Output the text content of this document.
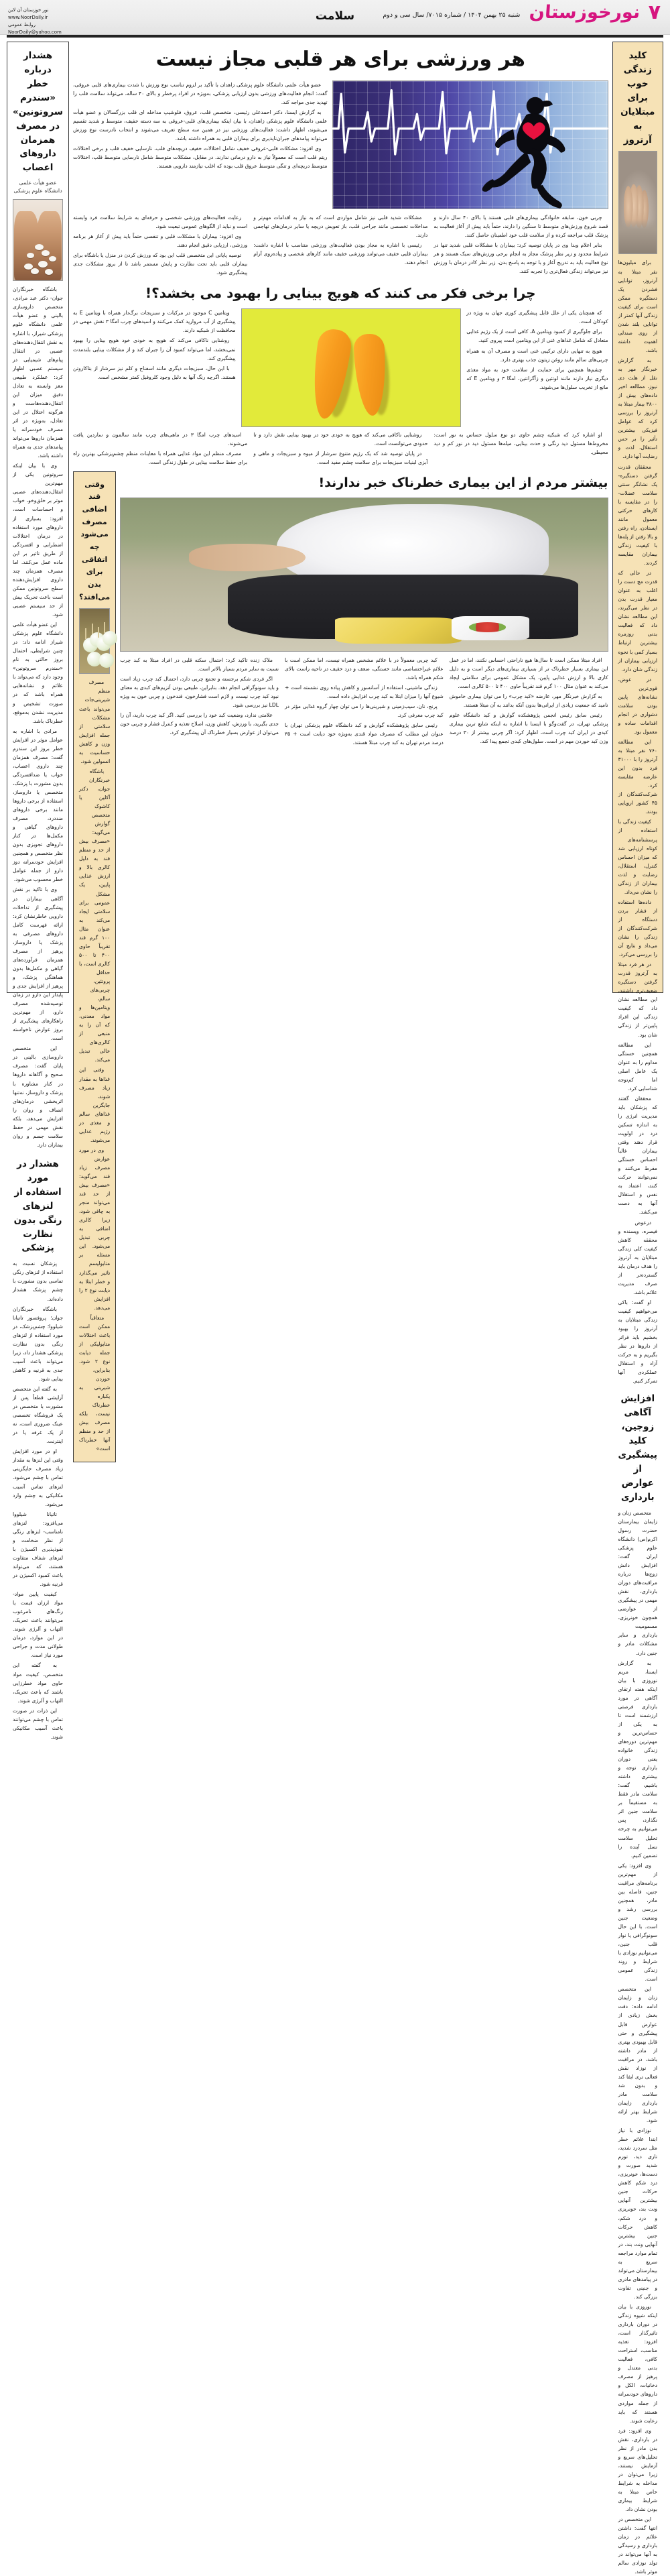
۷
نورخوزستان
شنبه ۲۵ بهمن ۱۴۰۴ / شماره ۷۰۱۵/ سال سی و دوم
سلامت
نور خوزستان آن لاین
www.NoorDaily.ir
روابط عمومی
NoorDaily@yahoo.com
کلید زندگی خوب برای مبتلایان به آرتروز

برای میلیون‌ها نفر مبتلا به آرتروز، توانایی فشردن یک دستگیره ممکن است برای کیفیت زندگی آنها کمتر از توانایی بلند شدن از روی صندلی اهمیت داشته باشد.

به گزارش خبرنگار مهر به نقل از هلث دی نیوز، مطالعه اخیر داده‌های بیش از ۳۸۰۰ بیمار مبتلا به آرتروز را بررسی کرد که عوامل فیزیکی بیشترین تأثیر را بر حس استقلال، لذت و رضایت آنها دارد.

محققان قدرت گرفتن دستگیره- یک نشانگر سنتی سلامت عضلات- را در مقایسه با کارهای حرکتی معمول مانند ایستادن، راه رفتن و بالا رفتن از پله‌ها با کیفیت زندگی بیماران مقایسه کردند.

در حالی که قدرت مچ دست را اغلب به عنوان معیار قدرت بدن در نظر می‌گیرند، این مطالعه نشان داد که فعالیت بدنی روزمره بیشترین ارتباط بسیار کمی با نحوه ارزیابی بیماران از زندگی شان دارد.

در عوض، قوی‌ترین نشانه‌های پایین بودن سلامت دشواری در انجام اقدامات ساده و معمول بود.

این مطالعه ۷۶۰ نفر مبتلا به آرتروز را با ۳۱۰۰۰ فرد بدون این عارضه مقایسه کرد. شرکت‌کنندگان از ۴۵ کشور اروپایی بودند.

کیفیت زندگی با استفاده از پرسشنامه‌های کوتاه ارزیابی شد که میزان احساس کنترل، استقلال، رضایت و لذت بیماران از زندگی را نشان می‌داد.

داده‌ها استفاده از فشار بردن دستگاه از شرکت‌کنندگان از زندگی را نشان می‌داد و نتایج آن را بررسی می‌کرد.

در هر فرد مبتلا به آرتروز قدرت گرفتن دستگیره ضعیف‌تری داشتند، این مطالعه نشان داد که کیفیت زندگی این افراد پایین‌تر از زندگی شان بود.

این مطالعه همچنین خستگی مداوم را به عنوان یک عامل اصلی اما کم‌توجه شناسایی کرد.

محققان گفتند که پزشکان باید مدیریت انرژی را به اندازه تسکین درد در اولویت قرار دهند وقتی بیماران غالباً احساس خستگی مفرط می‌کنند و نمی‌توانند حرکت کنند، اعتماد به نفس و استقلال آنها به دست می‌کشد.

درعوض فیصره، ویسنده و محققه کاهش کیفیت کلی زندگی مبتلایان به آرتروز را هدف درمان باید گسترده‌تر از صرف مدیریت علائم باشد.

او گفت: باکی می‌خواهیم کیفیت زندگی مبتلایان به آرتروز را بهبود بخشیم باید فراتر از داروها در نظر بگیریم و به حرکت آزاد و استقلال عملکردی آنها تمرکز کنیم.

افزایش آگاهی زوجین، کلید پیشگیری از عوارض بارداری

متخصص زنان و زایمان بیمارستان حضرت رسول اکرم(ص) دانشگاه علوم پزشکی ایران گفت: افزایش دانش زوج‌ها درباره مراقبت‌های دوران بارداری، نقش مهمی در پیشگیری از عوارضی همچون خونریزی، مسمومیت بارداری و سایر مشکلات مادر و جنین دارد.

به گزارش ایسنا، مریم نوروزی با بیان اینکه هفته ارتقای آگاهی در مورد بارداری فرصتی ارزشمند است تا به یکی از حساس‌ترین و مهم‌ترین دوره‌های زندگی خانواده یعنی دوران بارداری توجه و بیشتری داشته باشیم، گفت: سلامت مادر فقط به مستقیماً بر سلامت جنین اثر نگذارد، پس می‌توانیم به چرخه تحلیل سلامت نسل آینده را تضمین کنیم.

وی افزود: یکی از مهم‌ترین برنامه‌های مراقبت جنین، فاصله بین مادر، همچنین بررسی رشد و وضعیت جنین است. با این حال سونوگرافی یا نوار قلب جنین، می‌توانیم نوزادی با شرایط و روند زندگی عمومی است.

این متخصص زنان و زایمان ادامه داده: دقت بخش زیادی از عوارض قابل پیشگیری و حتی قابل بهبودی بهتری از مادر داشته باشد، در مراقبت از نوزاد نقش فعالی تری ایفا کند و بدون شد سلامت مادر بارداری زایمان شرایط بهتر ارائه شود.

نوزادی با نیاز ابتدا علائم خطر مثل سردرد شدید، تاری دید، تورم شدید صورت و دست‌ها، خونریزی، درد شکم کاهش حرکات جنین بیشترین آنهایی ونت بند، خونریزی و درد شکم، کاهش حرکات جنین بیشترین آنهایی ونت بند، در تمام موارد مراجعه سریع به بیمارستان می‌تواند در پیامدهای مادری و جنینی تفاوت بزرگی کند.

نوروزی با بیان اینکه شیوه زندگی در دوران بارداری تاثیرگذار است، افزود: تغذیه مناسب، استراحت کافی، فعالیت بدنی معتدل و پرهیز از مصرف دخانیات، الکل و داروهای خودسرانه از جمله مواردی هستند که باید رعایت شوند.

وی افزود: فرد در بارداری، نقش بدن مادر از نظر تحلیل‌های سریع و آزمایش نیستند، زیرا می‌توان در مداخله به شرایط خاص مبتلا به شرایط بیماری بودن نشان داد.

این متخصص در انتها گفت: داشتن علائم در زمان بارداری و رسیدگی به آنها می‌تواند در تولد نوزادی سالم موثر باشد.

هر ورزشی برای هر قلبی مجاز نیست

عضو هیأت علمی دانشگاه علوم پزشکی زاهدان با تأکید بر لزوم تناسب نوع ورزش با شدت بیماری‌های قلبی عروقی، گفت: انجام فعالیت‌های ورزشی بدون ارزیابی پزشکی، به‌ویژه در افراد پرخطر و بالای ۴۰ ساله، می‌تواند سلامت قلب را تهدید جدی مواجه کند.

به گزارش ایسنا، دکتر احمدعلی رئیسی، متخصص قلب، عروق، فلوشیپ مداخله ای قلب بزرگسالان و عضو هیأت علمی دانشگاه علوم پزشکی زاهدان، با بیان اینکه بیماری‌های قلبی-عروقی به سه دسته خفیف، متوسط و شدید تقسیم می‌شوند، اظهار داشت: فعالیت‌های ورزشی نیز در همین سه سطح تعریف می‌شوند و انتخاب نادرست نوع ورزش می‌تواند پیامدهای جبران‌ناپذیری برای بیماران قلبی به همراه داشته باشد.

وی افزود: مشکلات قلبی-عروقی خفیف شامل اختلالات خفیف دریچه‌های قلب، نارسایی خفیف قلب و برخی اختلالات ریتم قلب است که معمولاً نیاز به دارو درمانی ندارند. در مقابل، مشکلات متوسط شامل نارسایی متوسط قلب، اختلالات متوسط دریچه‌ای و تنگی متوسط عروق قلب بوده که اغلب نیازمند دارویی هستند.

چربی خون، سابقه خانوادگی بیماری‌های قلبی هستند یا بالای ۴۰ سال دارند و قصد شروع ورزش‌های متوسط تا سنگین را دارند، حتماً باید پیش از آغاز فعالیت به پزشک قلب مراجعه کرده و از سلامت قلب خود اطمینان حاصل کنند.

بنابر اعلام وبدا وی در پایان توصیه کرد: بیماران با مشکلات قلبی شدید تنها در شرایط محدود و زیر نظر پزشک مجاز به انجام برخی ورزش‌های سبک هستند و هر نوع فعالیت باید به تدریج آغاز و با توجه به پاسخ بدن، زیر نظر کادر درمان با ورزش نیز می‌تواند زندگی فعال‌تری را تجربه کنند.

مشکلات شدید قلبی نیز شامل مواردی است که به نیاز به اقدامات مهم‌تر و مداخلات تخصصی مانند جراحی قلب، باز تعویض دریچه یا سایر درمان‌های تهاجمی دارند.

رئیسی با اشاره به مجاز بودن فعالیت‌های ورزشی متناسب با اشاره داشت: بیماران قلبی خفیف می‌توانند ورزشی خفیف مانند کارهای شخصی و پیاده‌روی آرام انجام دهند.

رعایت فعالیت‌های ورزشی شخصی و حرفه‌ای به شرایط سلامت فرد وابسته است و نباید از الگوهای عمومی تبعیت شود.

وی افزود: بیماران با مشکلات قلبی و تنفسی حتماً باید پیش از آغاز هر برنامه ورزشی، ارزیابی دقیق انجام دهند.

توصیه پایانی این متخصص قلب این بود که ورزش کردن در منزل یا باشگاه برای بیماران قلبی باید تحت نظارت و پایش مستمر باشد تا از بروز مشکلات جدی پیشگیری شود.

چرا برخی فکر می کنند که هویج بینایی را بهبود می بخشد؟!

که همچنان یکی از علل قابل پیشگیری کوری جهان به ویژه در کودکان است.

برای جلوگیری از کمبود ویتامین A، کافی است از یک رژیم غذایی متعادل که شامل غذاهای غنی از این ویتامین است پیروی کنید.

هویج به تنهایی دارای ترکیبی غنی است و مصرف آن به همراه چربی‌های سالم مانند روغن زیتون جذب بهتری دارد.

چشم‌ها همچنین برای حمایت از سلامت خود به مواد مغذی دیگری نیاز دارند مانند لوتئین و زآگزانتین، امگا ۳ و ویتامین E که مانع از تخریب سلول‌ها می‌شوند.

ویتامین C موجود در مرکبات و سبزیجات برگ‌دار همراه با ویتامین E به پیشگیری از آب مروارید کمک می‌کنند و اسیدهای چرب امگا ۳ نقش مهمی در محافظت از شبکیه دارند.

روشنایی ناکافی می‌کند که هویج به خودی خود هویج بینایی را بهبود نمی‌بخشد، اما می‌تواند کمبود آن را جبران کند و از مشکلات بینایی بلندمدت پیشگیری کند.

با این حال، سبزیجات دیگری مانند اسفناج و کلم نیز سرشار از بتاکاروتن هستند. اگرچه رنگ آنها به دلیل وجود کلروفیل کمتر مشخص است.

او اشاره کرد که شبکیه چشم حاوی دو نوع سلول حساس به نور است: مخروط‌ها مسئول دید رنگی و حدت بینایی، میله‌ها مسئول دید در نور کم و دید محیطی.

روشنایی ناکافی می‌کند که هویج به خودی خود در بهبود بینایی نقش دارد و تا حدودی می‌توانست است.

در پایان توصیه شد که یک رژیم متنوع سرشار از میوه و سبزیجات و ماهی و آبزی لبنیات سبزیجات برای سلامت چشم مفید است.

اسیدهای چرب امگا ۳ در ماهی‌های چرب مانند سالمون و ساردین یافت می‌شوند.

مصرف منظم این مواد غذایی همراه با معاینات منظم چشم‌پزشکی بهترین راه برای حفظ سلامت بینایی در طول زندگی است.

بیشتر مردم از این بیماری خطرناک خبر ندارند!

افراد مبتلا ممکن است تا سال‌ها هیچ ناراحتی احساس نکنند، اما در عمل این بیماری بسیار خطرناک تر از بسیاری بیماری‌های دیگر است و به دلیل کاری بالا و ارزش غذایی پایین، یک مشکل عمومی برای سلامتی ایجاد می‌کند به عنوان مثال ۱۰۰ گرم قند تقریباً حاوی ۴۰۰ تا ۵۰۰ کالری است.

به گزارش خبرنگار مهر، عارضه «کبد چرب» را می توان بیماری خاموش نامید که جمعیت زیادی از ایرانی‌ها بدون آنکه بدانند به آن مبتلا هستند.

رئیس سابق رئیس انجمن پژوهشکده گوارش و کبد دانشگاه علوم پزشکی تهران، در گفت‌وگو با ایسنا با اشاره به اینکه شایع ترین بیماری کبدی در ایران کبد چرب است، اظهار کرد: اگر چربی بیشتر از ۳۰ درصد وزن کبد خوردن مهم در است. سلول‌های کبدی تجمع پیدا کند.

کبد چربی معمولاً در با علائم مشخص همراه نیست، اما ممکن است با علائم غیراختصاصی مانند خستگی، ضعف و درد خفیف در ناحیه راست بالای شکم همراه باشد.

زندگی ماشینی، استفاده از آسانسور و کاهش پیاده روی نشسته است + شیوع آنها را میزان ابتلا به کبد چرب افزایش داده است.

پرنج، نان، سیب‌زمینی و شیرینی‌ها را می توان چهار گروه غذایی مؤثر در کبد چرب معرفی کرد.

رئیس سابق پژوهشکده گوارش و کبد دانشگاه علوم پزشکی تهران با عنوان این مطلب که مصرف مواد قندی به‌ویژه خود دیابت است + ۳۵ درصد مردم تهران به کبد چرب مبتلا هستند.

ملاک زنده تاکید کرد: احتمال سکته قلبی در افراد مبتلا به کبد چرب نسبت به سایر مردم بسیار بالاتر است.

اگر فردی شکم برجسته و تجمع چربی دارد، احتمال کبد چرب زیاد است و باید سونوگرافی انجام دهد. بنابراین، طبیعی بودن آنزیم‌های کبدی به معنای نبود کبد چرب نیست و لازم است فشارخون، قندخون و چربی خون به ویژه LDL نیز بررسی شود.

علامتی ندارد، وضعیت کبد خود را بررسی کنید. اگر کبد چرب دارید، آن را جدی بگیرید، با ورزش، کاهش وزن، اصلاح تغذیه و کنترل فشار و چربی خون می‌توان از عوارض بسیار خطرناک آن پیشگیری کرد.

وقتی قند اضافی مصرف می‌شود چه اتفاقی برای بدن می‌افتد؟

مصرف منظم شیرینی‌جات می‌تواند باعث مشکلات سلامتی از جمله افزایش وزن و کاهش حساسیت به انسولین شود.

باشگاه خبرنگاران جوان، دکتر آکلین یا کاشوک متخصص گوارش می‌گوید: «مصرف بیش از حد و منظم قند به دلیل کالری بالا و ارزش غذایی پایین، یک مشکل عمومی برای سلامتی ایجاد می‌کند به عنوان مثال ۱۰۰ گرم قند تقریباً حاوی ۴۰۰ تا ۵۰۰ کالری است، با حداقل پروتئین، چربی‌های سالم، ویتامین‌ها و مواد معدنی، که آن را به منبعی از کالری‌های خالی تبدیل می‌کند.

وقتی این غذاها به مقدار زیاد مصرف شوند، جایگزین غذاهای سالم و مغذی در رژیم غذایی می‌شوند.

وی در مورد عوارض مصرف زیاد قند می‌گوید: «مصرف بیش از حد قند می‌تواند منجر به چاقی شود، زیرا کالری اضافی به چربی تبدیل می‌شود. این مسئله بر متابولیسم تاثیر می‌گذارد و خطر ابتلا به دیابت نوع ۲ را افزایش می‌دهد.

متعاقباً ممکن است باعث اختلالات متابولیکی از جمله دیابت نوع ۲ شود. بنابراین، خوردن شیرینی به یکباره خطرناک نیست، بلکه مصرف بیش از حد و منظم آنها خطرناک است»

هشدار درباره خطر «سندرم سروتونین» در مصرف همزمان داروهای اعصاب
عضو هیأت علمی دانشگاه علوم پزشکی

باشگاه خبرنگاران جوان- دکتر عبد مرادی، متخصص داروسازی بالینی و عضو هیأت علمی دانشگاه علوم پزشکی شیراز، با اشاره به نقش انتقال‌دهنده‌های عصبی در انتقال پیام‌های شیمیایی در سیستم عصبی اظهار کرد: عملکرد طبیعی مغز وابسته به تعادل دقیق میزان این انتقال‌دهنده‌هاست و هرگونه اختلال در این تعادل، به‌ویژه در اثر مصرف خودسرانه یا همزمان داروها می‌تواند پیامدهای جدی به همراه داشته باشد.

وی با بیان اینکه سروتونین یکی از مهم‌ترین انتقال‌دهنده‌های عصبی موثر بر خلق‌وخو، خواب و احساسات است، افزود: بسیاری از داروهای مورد استفاده در درمان اختلالات اضطرابی و افسردگی از طریق تاثیر بر این ماده عمل می‌کنند. اما مصرف همزمان چند داروی افزایش‌دهنده سطح سروتونین ممکن است باعث تحریک بیش از حد سیستم عصبی شود.

این عضو هیأت علمی دانشگاه علوم پزشکی شیراز ادامه داد: در چنین شرایطی، احتمال بروز حالتی به نام «سندرم سروتونین» وجود دارد که می‌تواند با علائم و نشانه‌هایی همراه باشد که در صورت تشخیص و مدیریت نشدن به‌موقع، خطرناک باشد.

مرادی با اشاره به عوامل موثر در افزایش خطر بروز این سندرم گفت: مصرف همزمان چند داروی اعصاب، خواب یا ضدافسردگی بدون مشورت با پزشک، متخصص یا داروساز، استفاده از برخی داروها مانند برخی داروهای ضددرد، مصرف داروهای گیاهی و مکمل‌ها در کنار داروهای تجویزی بدون نظر متخصص و همچنین افزایش خودسرانه دوز دارو از جمله عوامل خطر محسوب می‌شود.

وی با تاکید بر نقش آگاهی بیماران در پیشگیری از تداخلات دارویی خاطرنشان کرد: ارائه فهرست کامل داروهای مصرفی به پزشک یا داروساز، پرهیز از مصرف همزمان فرآورده‌های گیاهی و مکمل‌ها بدون هماهنگی پزشک، و پرهیز از افزایش جدی و پایدار این دارو در زمان توصیه‌شده مصرف دارو، از مهم‌ترین راهکارهای پیشگیری از بروز عوارض ناخواسته است.

این متخصص داروسازی بالینی در پایان گفت: مصرف صحیح و آگاهانه داروها در کنار مشاوره با پزشک و داروساز، نه‌تنها اثربخشی درمان‌های انصاف و روان را افزایش می‌دهد، بلکه نقش مهمی در حفظ سلامت جسم و روان بیماران دارد.

هشدار در مورد استفاده از لنزهای رنگی بدون نظارت پزشکی

پزشکان نسبت به استفاده از لنزهای رنگی تماسی بدون مشورت با چشم پزشک هشدار داده‌اند.

باشگاه خبرنگاران جوان؛ پروفسور تاتیانا شیلووا؛ چشم‌پزشک، در مورد استفاده از لنزهای رنگی بدون نظارت پزشکی هشدار داد، زیرا می‌تواند باعث آسیب جدی به قرنیه و کاهش بینایی شود.

به گفته این متخصص آرایشی قطعاً پس از مشورت با متخصص در یک فروشگاه تخصصی عینک ضروری است، نه از یک غرفه یا در اینترنت.

او در مورد افزایش وقتی این لنزها به مقدار زیاد مصرف جایگزینی تماس با چشم می‌شود. لنزهای تماس آسیب مکانیکی به چشم وارد می‌شود.

تاتیانا شیلووا می‌افزود: لنزهای نامناسب- لنزهای رنگی از نظر ضخامت و نفوذپذیری اکسیژن با لنزهای شفاف متفاوت هستند، که می‌تواند باعث کمبود اکسیژن در قرنیه شود.

کیفیت پایین مواد- مواد ارزان قیمت یا رنگ‌های نامرغوب می‌توانند باعث تحریک، التهاب و آلرژی شوند. در این موارد، درمان طولانی مدت و جراحی مورد نیاز است.

به گفته این متخصص، کیفیت مواد حاوی مواد خطرزایی باشند که باعث تحریک، التهاب و آلرژی شوند.

این ذرات در صورت تماس با چشم می‌توانند باعث آسیب مکانیکی شوند.
